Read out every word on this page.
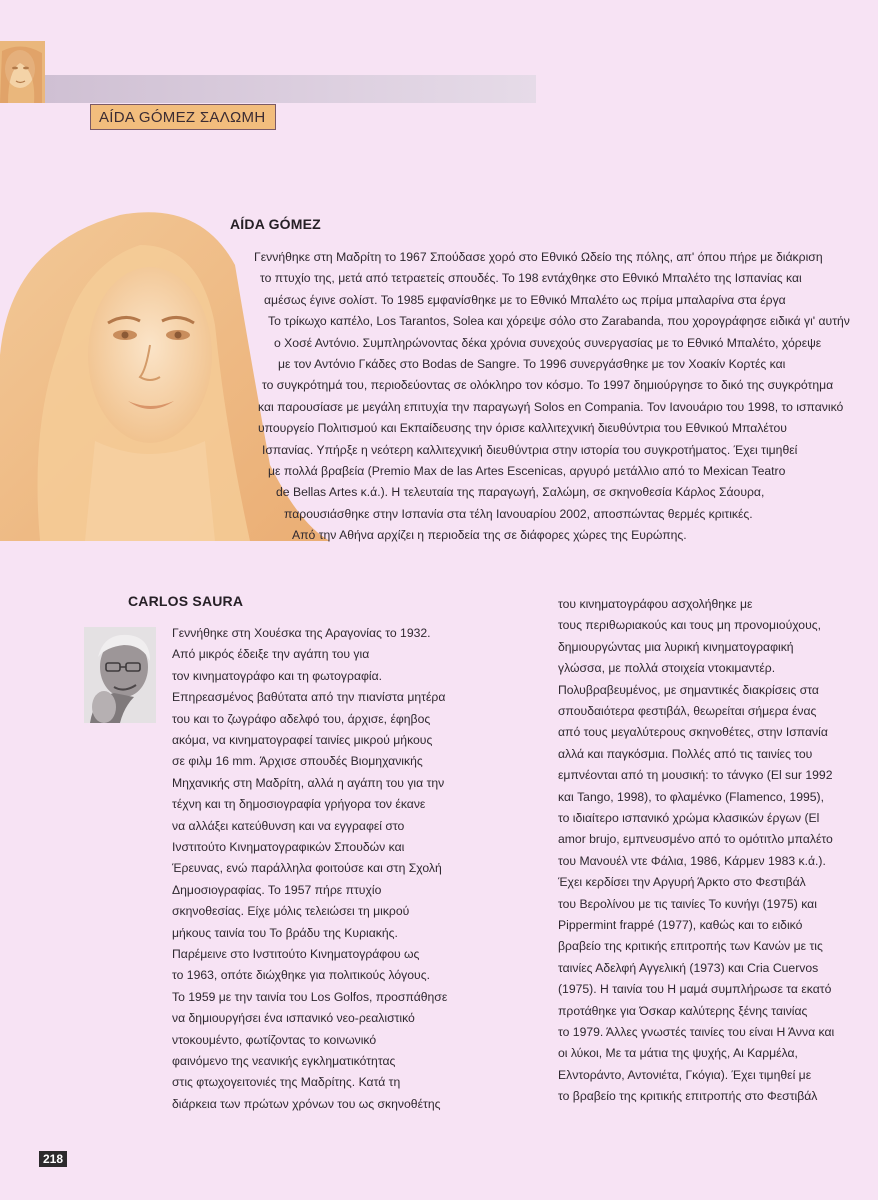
AÍDA GÓMEZ ΣΑΛΩΜΗ
AÍDA GÓMEZ
Γεννήθηκε στη Μαδρίτη το 1967 Σπούδασε χορό στο Εθνικό Ωδείο της πόλης, απ' όπου πήρε με διάκριση
το πτυχίο της, μετά από τετραετείς σπουδές. Το 198 εντάχθηκε στο Εθνικό Μπαλέτο της Ισπανίας και
αμέσως έγινε σολίστ. Το 1985 εμφανίσθηκε με το Εθνικό Μπαλέτο ως πρίμα μπαλαρίνα στα έργα
Το τρίκωχο καπέλο, Los Tarantos, Solea και χόρεψε σόλο στο Zarabanda, που χορογράφησε ειδικά γι' αυτήν
ο Χοσέ Αντόνιο. Συμπληρώνοντας δέκα χρόνια συνεχούς συνεργασίας με το Εθνικό Μπαλέτο, χόρεψε
με τον Αντόνιο Γκάδες στο Bodas de Sangre. Το 1996 συνεργάσθηκε με τον Χοακίν Κορτές και
το συγκρότημά του, περιοδεύοντας σε ολόκληρο τον κόσμο. Το 1997 δημιούργησε το δικό της συγκρότημα
και παρουσίασε με μεγάλη επιτυχία την παραγωγή Solos en Compania. Τον Ιανουάριο του 1998, το ισπανικό
υπουργείο Πολιτισμού και Εκπαίδευσης την όρισε καλλιτεχνική διευθύντρια του Εθνικού Μπαλέτου
Ισπανίας. Υπήρξε η νεότερη καλλιτεχνική διευθύντρια στην ιστορία του συγκροτήματος. Έχει τιμηθεί
με πολλά βραβεία (Premio Max de las Artes Escenicas, αργυρό μετάλλιο από το Mexican Teatro
de Bellas Artes κ.ά.). Η τελευταία της παραγωγή, Σαλώμη, σε σκηνοθεσία Κάρλος Σάουρα,
παρουσιάσθηκε στην Ισπανία στα τέλη Ιανουαρίου 2002, αποσπώντας θερμές κριτικές.
Από την Αθήνα αρχίζει η περιοδεία της σε διάφορες χώρες της Ευρώπης.
CARLOS SAURA
Γεννήθηκε στη Χουέσκα της Αραγονίας το 1932.
Από μικρός έδειξε την αγάπη του για
τον κινηματογράφο και τη φωτογραφία.
Επηρεασμένος βαθύτατα από την πιανίστα μητέρα
του και το ζωγράφο αδελφό του, άρχισε, έφηβος
ακόμα, να κινηματογραφεί ταινίες μικρού μήκους
σε φιλμ 16 mm. Άρχισε σπουδές Βιομηχανικής
Μηχανικής στη Μαδρίτη, αλλά η αγάπη του για την
τέχνη και τη δημοσιογραφία γρήγορα τον έκανε
να αλλάξει κατεύθυνση και να εγγραφεί στο
Ινστιτούτο Κινηματογραφικών Σπουδών και
Έρευνας, ενώ παράλληλα φοιτούσε και στη Σχολή
Δημοσιογραφίας. Το 1957 πήρε πτυχίο
σκηνοθεσίας. Είχε μόλις τελειώσει τη μικρού
μήκους ταινία του Το βράδυ της Κυριακής.
Παρέμεινε στο Ινστιτούτο Κινηματογράφου ως
το 1963, οπότε διώχθηκε για πολιτικούς λόγους.
Το 1959 με την ταινία του Los Golfos, προσπάθησε
να δημιουργήσει ένα ισπανικό νεο-ρεαλιστικό
ντοκουμέντο, φωτίζοντας το κοινωνικό
φαινόμενο της νεανικής εγκληματικότητας
στις φτωχογειτονιές της Μαδρίτης. Κατά τη
διάρκεια των πρώτων χρόνων του ως σκηνοθέτης
του κινηματογράφου ασχολήθηκε με
τους περιθωριακούς και τους μη προνομιούχους,
δημιουργώντας μια λυρική κινηματογραφική
γλώσσα, με πολλά στοιχεία ντοκιμαντέρ.
Πολυβραβευμένος, με σημαντικές διακρίσεις στα
σπουδαιότερα φεστιβάλ, θεωρείται σήμερα ένας
από τους μεγαλύτερους σκηνοθέτες, στην Ισπανία
αλλά και παγκόσμια. Πολλές από τις ταινίες του
εμπνέονται από τη μουσική: το τάνγκο (El sur 1992
και Tango, 1998), το φλαμένκο (Flamenco, 1995),
το ιδιαίτερο ισπανικό χρώμα κλασικών έργων (El
amor brujo, εμπνευσμένο από το ομότιτλο μπαλέτο
του Μανουέλ ντε Φάλια, 1986, Κάρμεν 1983 κ.ά.).
Έχει κερδίσει την Αργυρή Άρκτο στο Φεστιβάλ
του Βερολίνου με τις ταινίες Το κυνήγι (1975) και
Pippermint frappé (1977), καθώς και το ειδικό
βραβείο της κριτικής επιτροπής των Κανών με τις
ταινίες Αδελφή Αγγελική (1973) και Cria Cuervos
(1975). Η ταινία του Η μαμά συμπλήρωσε τα εκατό
προτάθηκε για Όσκαρ καλύτερης ξένης ταινίας
το 1979. Άλλες γνωστές ταινίες του είναι Η Άννα και
οι λύκοι, Με τα μάτια της ψυχής, Αι Καρμέλα,
Ελντοράντο, Αντονιέτα, Γκόγια). Έχει τιμηθεί με
το βραβείο της κριτικής επιτροπής στο Φεστιβάλ
218
